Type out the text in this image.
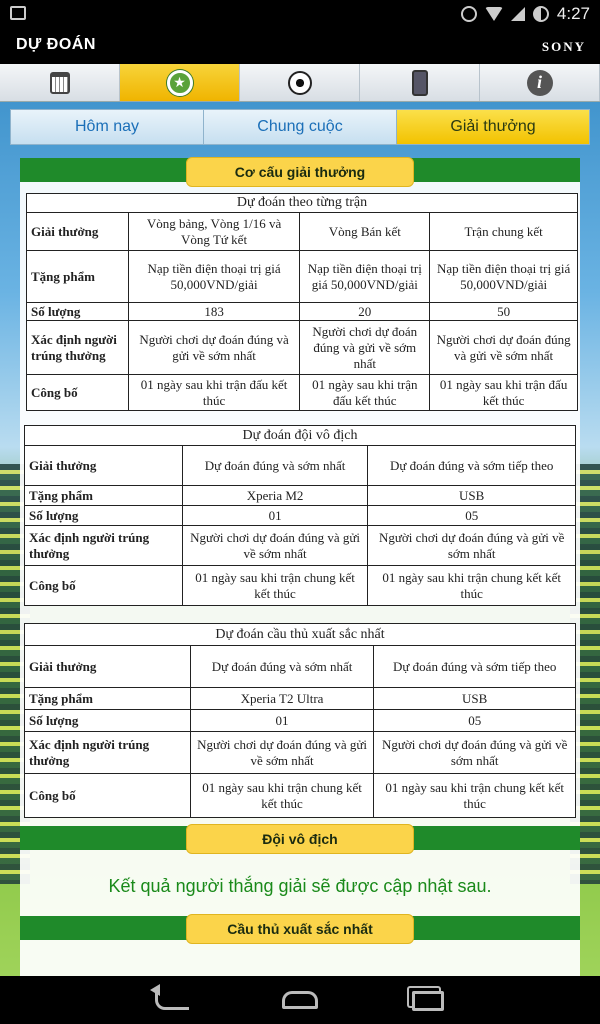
4:27
DỰ ĐOÁN	SONY
★	i
Hôm nay	Chung cuộc	Giải thưởng
Cơ cấu giải thưởng
Dự đoán theo từng trận			
Giải thưởng	Vòng bảng, Vòng 1/16 và Vòng Tứ kết	Vòng Bán kết	Trận chung kết
Tặng phẩm	Nạp tiền điện thoại trị giá 50,000VND/giải	Nạp tiền điện thoại trị giá 50,000VND/giải	Nạp tiền điện thoại trị giá 50,000VND/giải
Số lượng	183	20	50
Xác định người trúng thưởng	Người chơi dự đoán đúng và gửi về sớm nhất	Người chơi dự đoán đúng và gửi về sớm nhất	Người chơi dự đoán đúng và gửi về sớm nhất
Công bố	01 ngày sau khi trận đấu kết thúc	01 ngày sau khi trận đấu kết thúc	01 ngày sau khi trận đấu kết thúc
Dự đoán đội vô địch		
Giải thưởng	Dự đoán đúng và sớm nhất	Dự đoán đúng và sớm tiếp theo
Tặng phẩm	Xperia M2	USB
Số lượng	01	05
Xác định người trúng thưởng	Người chơi dự đoán đúng và gửi về sớm nhất	Người chơi dự đoán đúng và gửi về sớm nhất
Công bố	01 ngày sau khi trận chung kết kết thúc	01 ngày sau khi trận chung kết kết thúc
Dự đoán cầu thủ xuất sắc nhất		
Giải thưởng	Dự đoán đúng và sớm nhất	Dự đoán đúng và sớm tiếp theo
Tặng phẩm	Xperia T2 Ultra	USB
Số lượng	01	05
Xác định người trúng thưởng	Người chơi dự đoán đúng và gửi về sớm nhất	Người chơi dự đoán đúng và gửi về sớm nhất
Công bố	01 ngày sau khi trận chung kết kết thúc	01 ngày sau khi trận chung kết kết thúc
Đội vô địch
Kết quả người thắng giải sẽ được cập nhật sau.
Cầu thủ xuất sắc nhất
